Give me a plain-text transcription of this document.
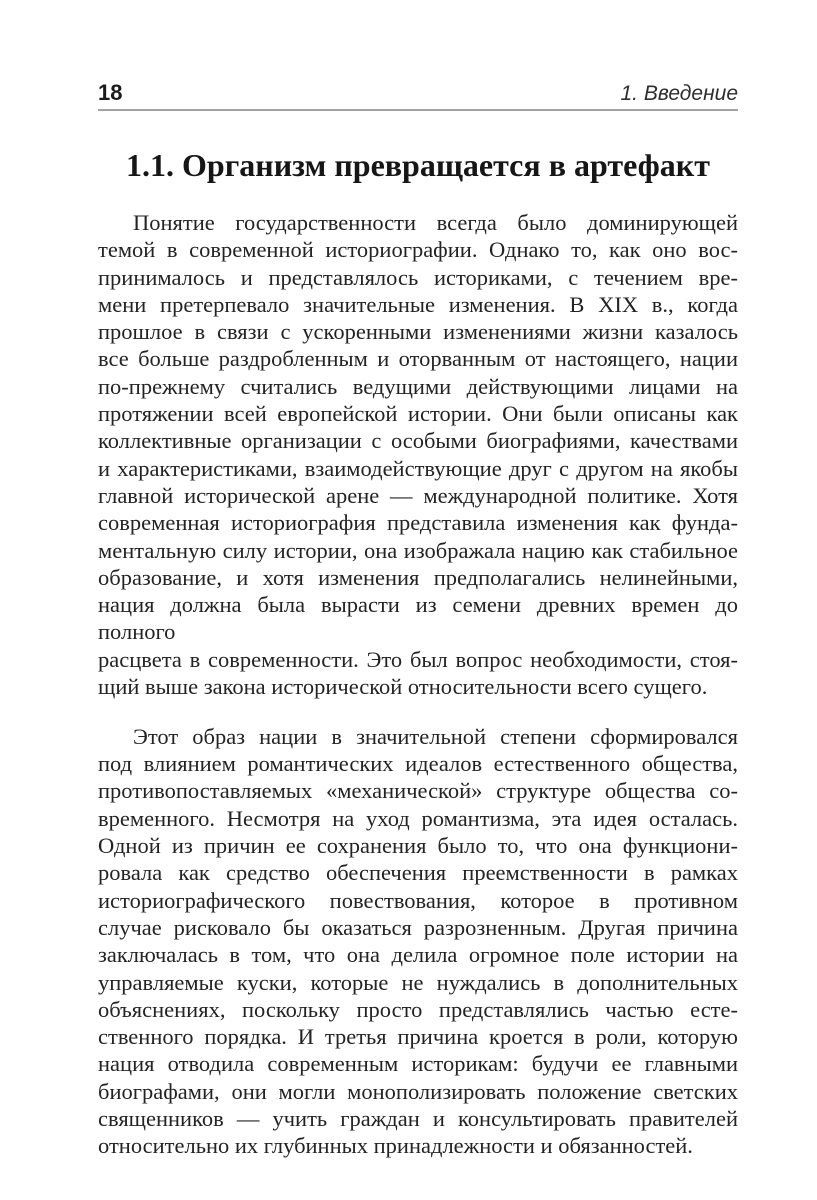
18	1. Введение
1.1. Организм превращается в артефакт

Понятие государственности всегда было доминирующей
темой в современной историографии. Однако то, как оно вос-
принималось и представлялось историками, с течением вре-
мени претерпевало значительные изменения. В XIX в., когда
прошлое в связи с ускоренными изменениями жизни казалось
все больше раздробленным и оторванным от настоящего, нации
по-прежнему считались ведущими действующими лицами на
протяжении всей европейской истории. Они были описаны как
коллективные организации с особыми биографиями, качествами
и характеристиками, взаимодействующие друг с другом на якобы
главной исторической арене — международной политике. Хотя
современная историография представила изменения как фунда-
ментальную силу истории, она изображала нацию как стабильное
образование, и хотя изменения предполагались нелинейными,
нация должна была вырасти из семени древних времен до полного
расцвета в современности. Это был вопрос необходимости, стоя-
щий выше закона исторической относительности всего сущего.

Этот образ нации в значительной степени сформировался
под влиянием романтических идеалов естественного общества,
противопоставляемых «механической» структуре общества со-
временного. Несмотря на уход романтизма, эта идея осталась.
Одной из причин ее сохранения было то, что она функциони-
ровала как средство обеспечения преемственности в рамках
историографического повествования, которое в противном
случае рисковало бы оказаться разрозненным. Другая причина
заключалась в том, что она делила огромное поле истории на
управляемые куски, которые не нуждались в дополнительных
объяснениях, поскольку просто представлялись частью есте-
ственного порядка. И третья причина кроется в роли, которую
нация отводила современным историкам: будучи ее главными
биографами, они могли монополизировать положение светских
священников — учить граждан и консультировать правителей
относительно их глубинных принадлежности и обязанностей.
